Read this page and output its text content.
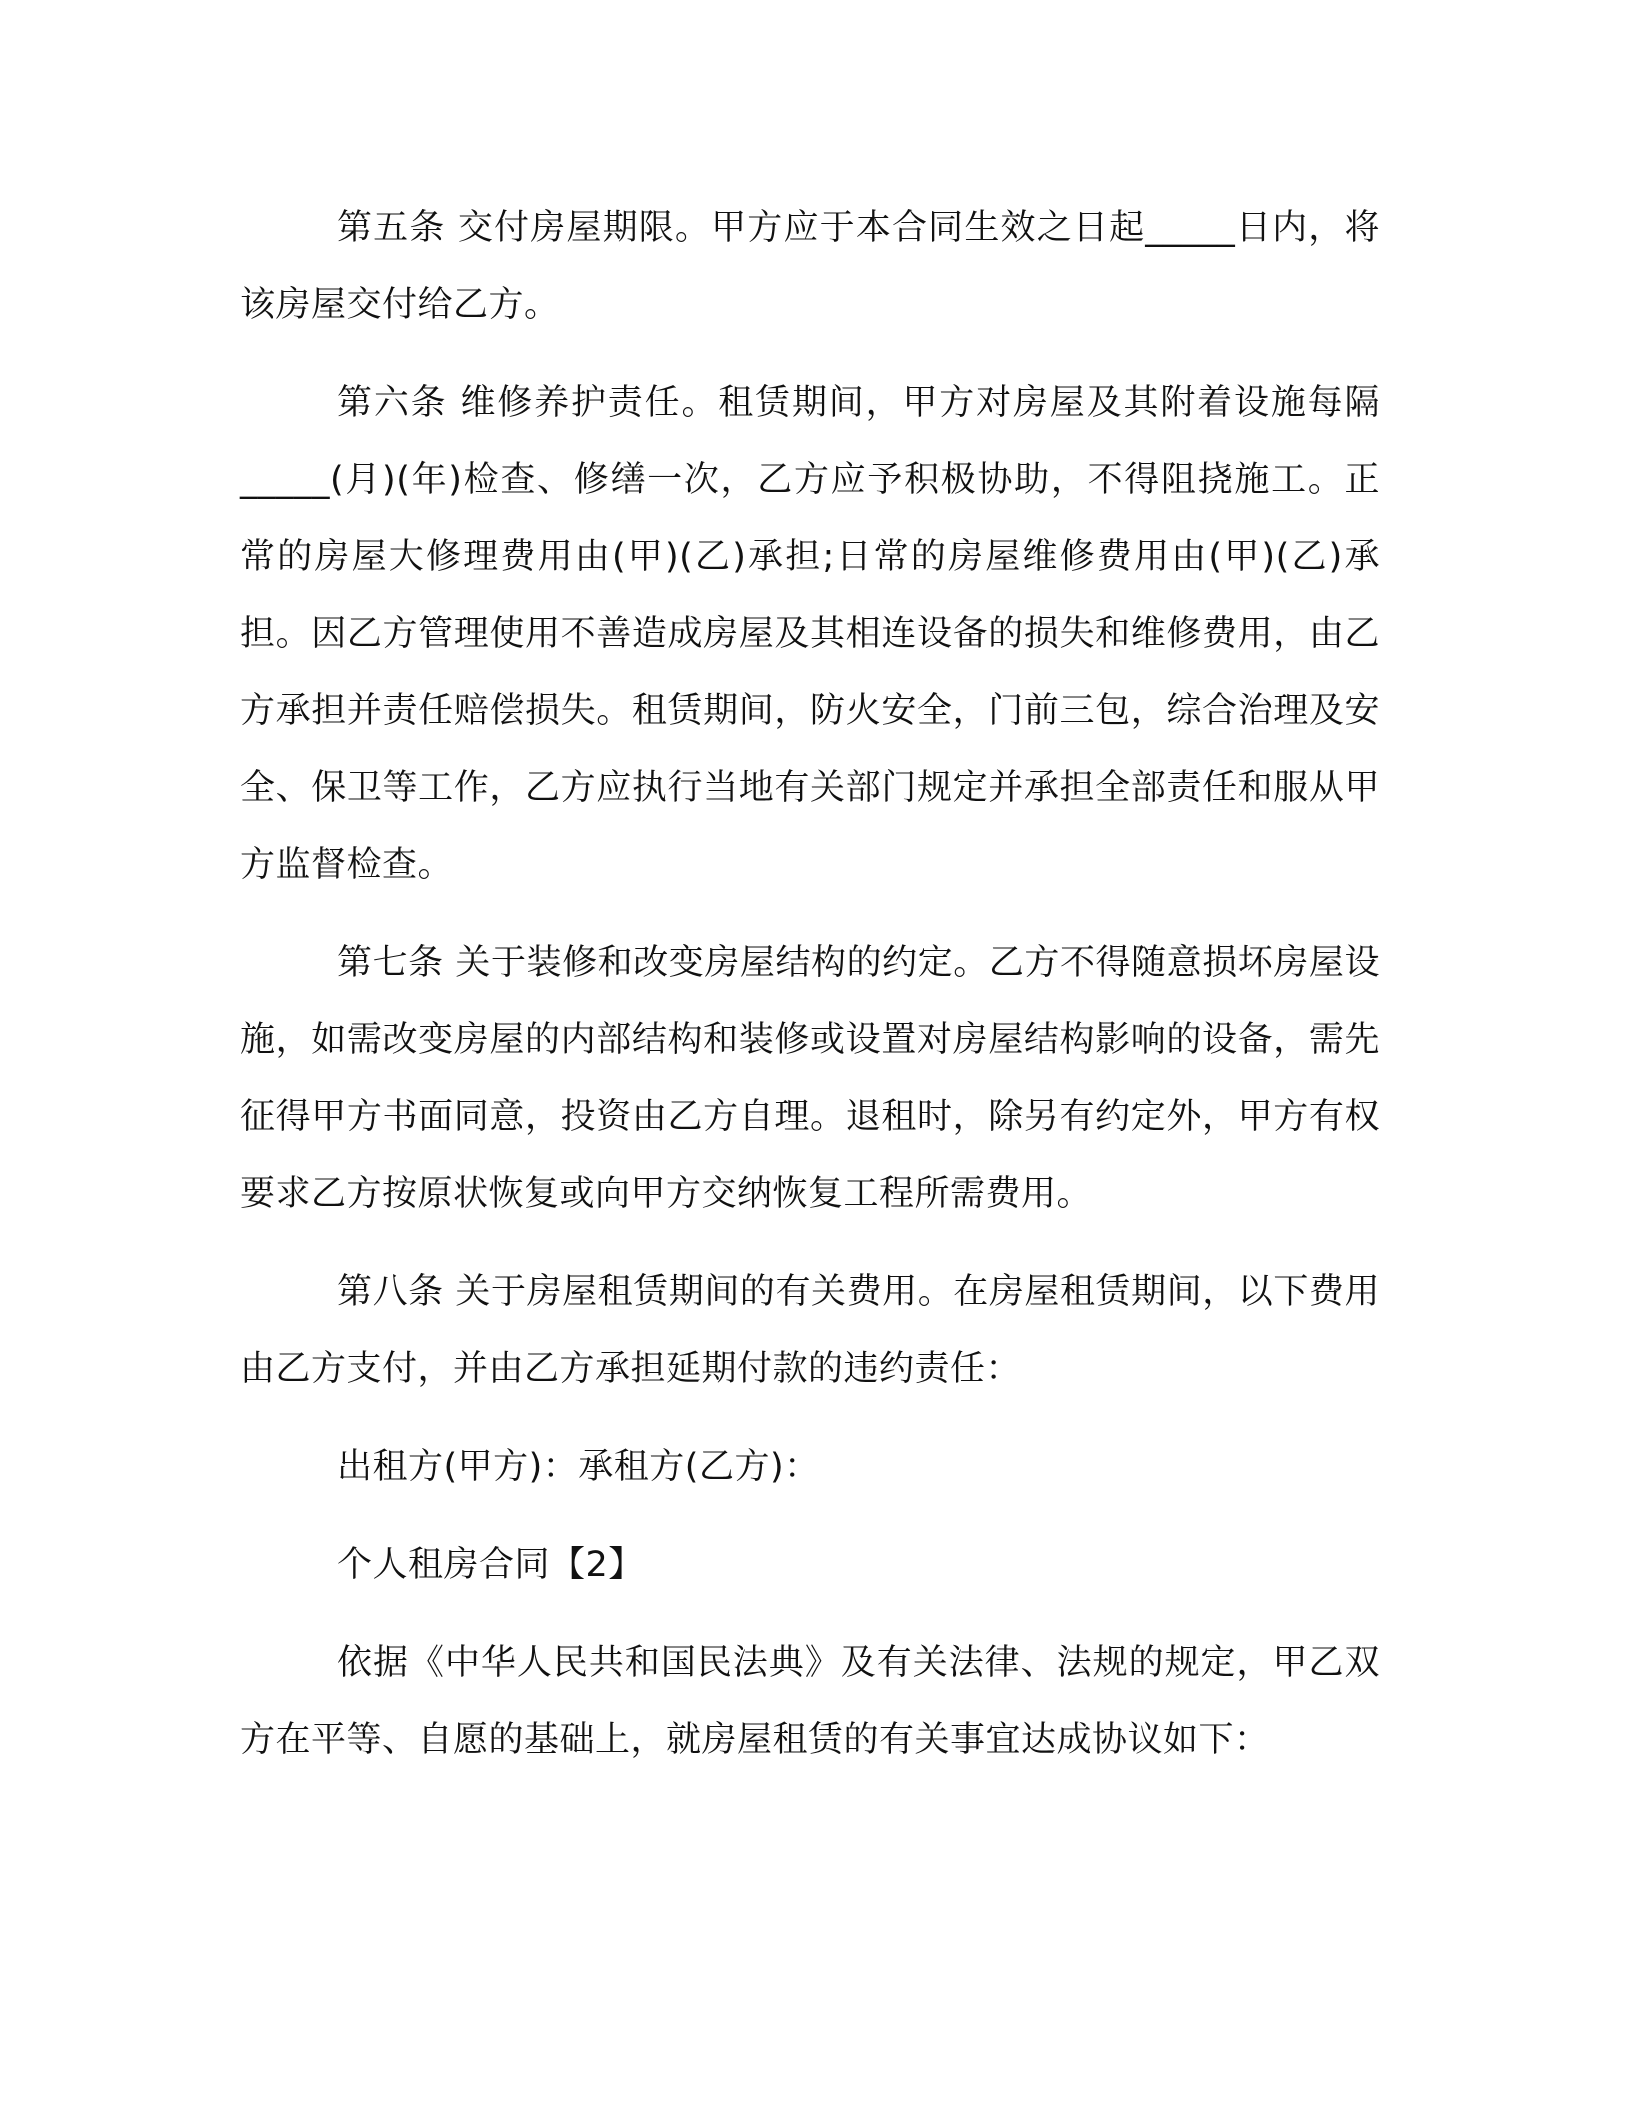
第五条 交付房屋期限。甲方应于本合同生效之日起_____日内，将该房屋交付给乙方。

第六条 维修养护责任。租赁期间，甲方对房屋及其附着设施每隔_____(月)(年)检查、修缮一次，乙方应予积极协助，不得阻挠施工。正常的房屋大修理费用由(甲)(乙)承担;日常的房屋维修费用由(甲)(乙)承担。因乙方管理使用不善造成房屋及其相连设备的损失和维修费用，由乙方承担并责任赔偿损失。租赁期间，防火安全，门前三包，综合治理及安全、保卫等工作，乙方应执行当地有关部门规定并承担全部责任和服从甲方监督检查。

第七条 关于装修和改变房屋结构的约定。乙方不得随意损坏房屋设施，如需改变房屋的内部结构和装修或设置对房屋结构影响的设备，需先征得甲方书面同意，投资由乙方自理。退租时，除另有约定外，甲方有权要求乙方按原状恢复或向甲方交纳恢复工程所需费用。

第八条 关于房屋租赁期间的有关费用。在房屋租赁期间，以下费用由乙方支付，并由乙方承担延期付款的违约责任：

出租方(甲方)：承租方(乙方)：

个人租房合同【2】

依据《中华人民共和国民法典》及有关法律、法规的规定，甲乙双方在平等、自愿的基础上，就房屋租赁的有关事宜达成协议如下：
